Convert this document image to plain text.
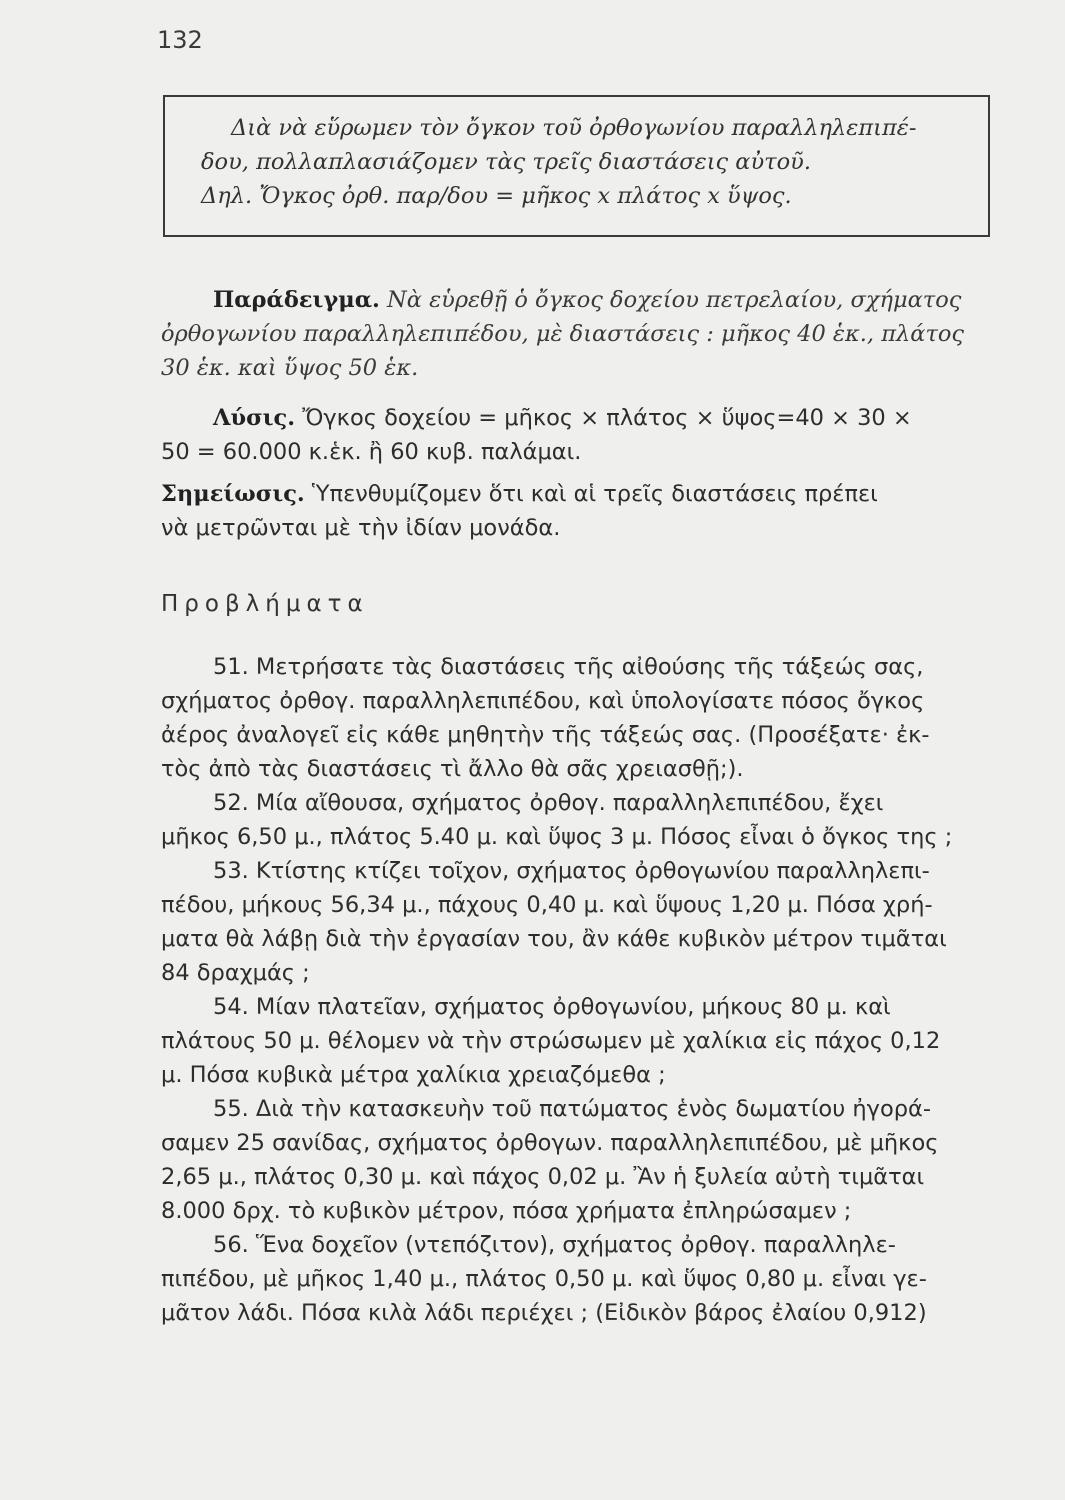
132

Διὰ νὰ εὕρωμεν τὸν ὄγκον τοῦ ὀρθογωνίου παραλληλεπιπέ-

δου, πολλαπλασιάζομεν τὰς τρεῖς διαστάσεις αὐτοῦ.

Δηλ. Ὄγκος ὀρθ. παρ/δου = μῆκος x πλάτος x ὕψος.

Παράδειγμα. Νὰ εὑρεθῇ ὁ ὄγκος δοχείου πετρελαίου, σχήματος
ὀρθογωνίου παραλληλεπιπέδου, μὲ διαστάσεις : μῆκος 40 ἑκ., πλάτος
30 ἑκ. καὶ ὕψος 50 ἑκ.
Λύσις. Ὄγκος δοχείου = μῆκος × πλάτος × ὕψος=40 × 30 ×
50 = 60.000 κ.ἑκ. ἢ 60 κυβ. παλάμαι.
Σημείωσις. Ὑπενθυμίζομεν ὅτι καὶ αἱ τρεῖς διαστάσεις πρέπει
νὰ μετρῶνται μὲ τὴν ἰδίαν μονάδα.
Προβλήματα
51. Μετρήσατε τὰς διαστάσεις τῆς αἰθούσης τῆς τάξεώς σας,
σχήματος ὀρθογ. παραλληλεπιπέδου, καὶ ὑπολογίσατε πόσος ὄγκος
ἀέρος ἀναλογεῖ εἰς κάθε μηθητὴν τῆς τάξεώς σας. (Προσέξατε· ἐκ-
τὸς ἀπὸ τὰς διαστάσεις τὶ ἄλλο θὰ σᾶς χρειασθῇ;).
52. Μία αἴθουσα, σχήματος ὀρθογ. παραλληλεπιπέδου, ἔχει
μῆκος 6,50 μ., πλάτος 5.40 μ. καὶ ὕψος 3 μ. Πόσος εἶναι ὁ ὄγκος της ;
53. Κτίστης κτίζει τοῖχον, σχήματος ὀρθογωνίου παραλληλεπι-
πέδου, μήκους 56,34 μ., πάχους 0,40 μ. καὶ ὕψους 1,20 μ. Πόσα χρή-
ματα θὰ λάβῃ διὰ τὴν ἐργασίαν του, ἂν κάθε κυβικὸν μέτρον τιμᾶται
84 δραχμάς ;
54. Μίαν πλατεῖαν, σχήματος ὀρθογωνίου, μήκους 80 μ. καὶ
πλάτους 50 μ. θέλομεν νὰ τὴν στρώσωμεν μὲ χαλίκια εἰς πάχος 0,12
μ. Πόσα κυβικὰ μέτρα χαλίκια χρειαζόμεθα ;
55. Διὰ τὴν κατασκευὴν τοῦ πατώματος ἑνὸς δωματίου ἠγορά-
σαμεν 25 σανίδας, σχήματος ὀρθογων. παραλληλεπιπέδου, μὲ μῆκος
2,65 μ., πλάτος 0,30 μ. καὶ πάχος 0,02 μ. Ἂν ἡ ξυλεία αὐτὴ τιμᾶται
8.000 δρχ. τὸ κυβικὸν μέτρον, πόσα χρήματα ἐπληρώσαμεν ;
56. Ἕνα δοχεῖον (ντεπόζιτον), σχήματος ὀρθογ. παραλληλε-
πιπέδου, μὲ μῆκος 1,40 μ., πλάτος 0,50 μ. καὶ ὕψος 0,80 μ. εἶναι γε-
μᾶτον λάδι. Πόσα κιλὰ λάδι περιέχει ; (Εἰδικὸν βάρος ἐλαίου 0,912)
